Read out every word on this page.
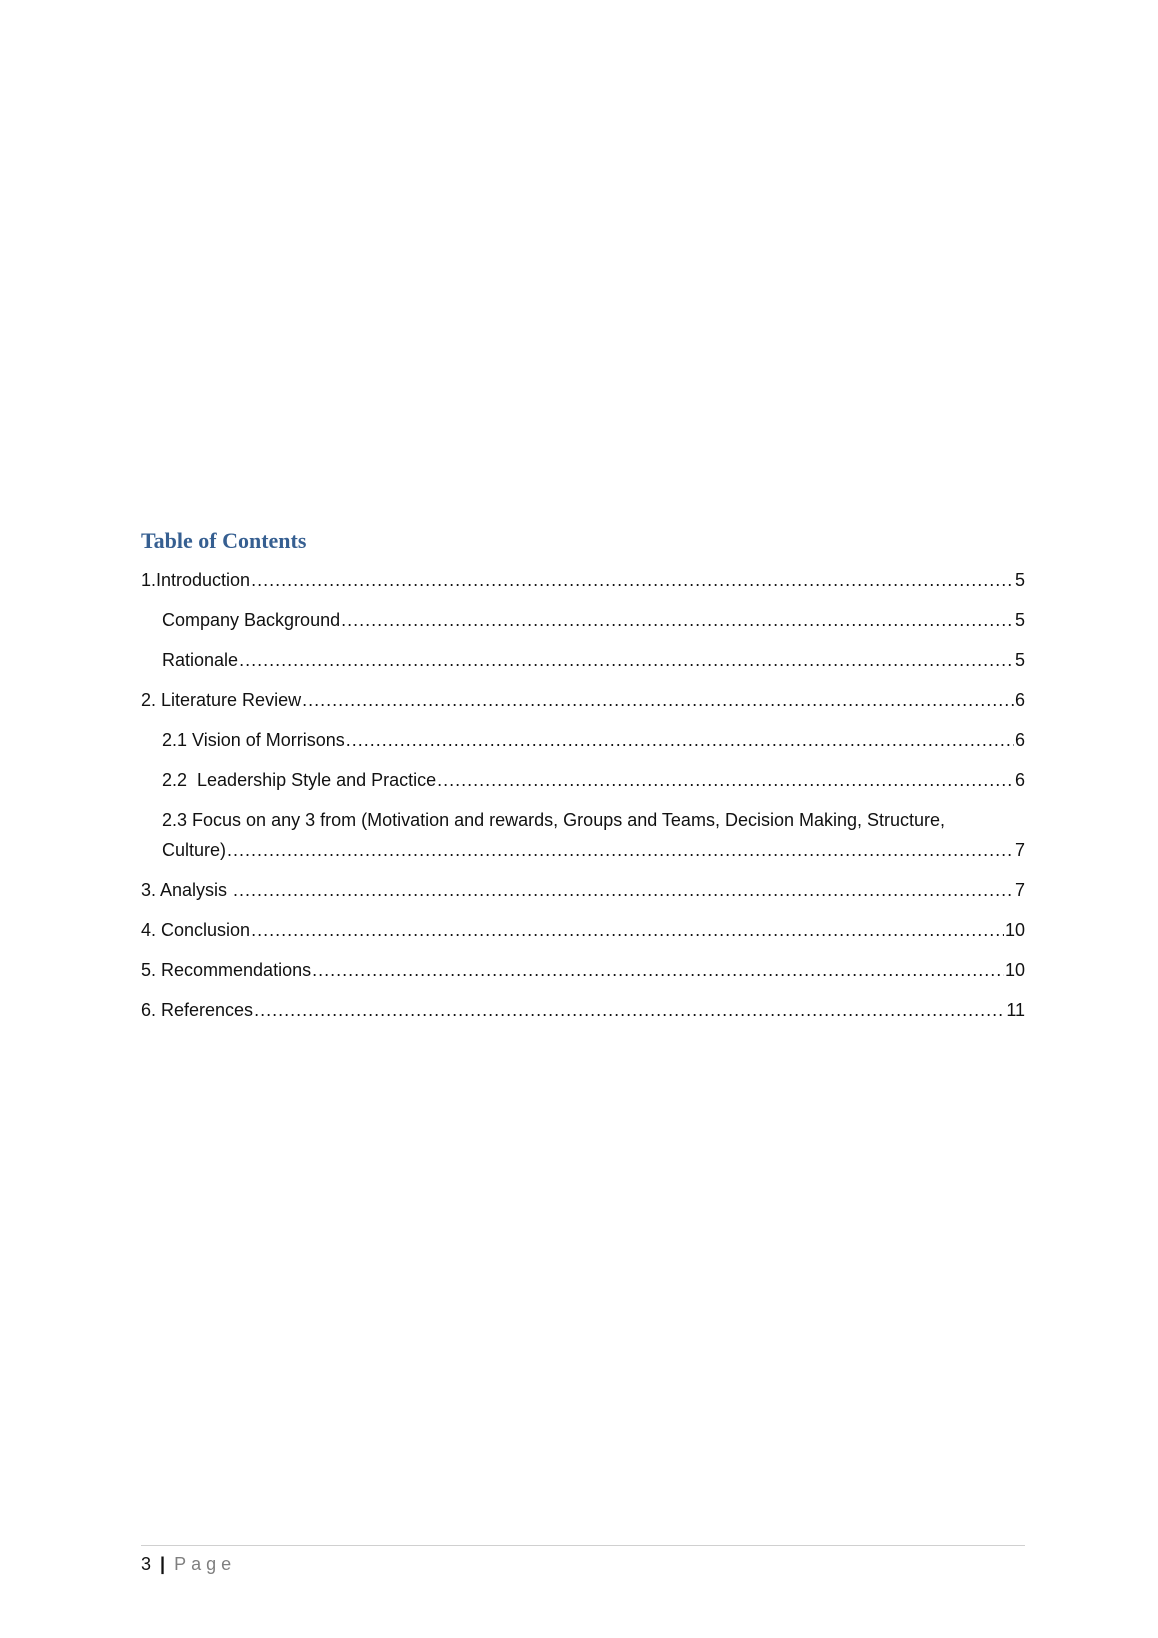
Table of Contents
1.Introduction .....	5
Company Background .....	5
Rationale .....	5
2. Literature Review .....	6
2.1 Vision of Morrisons .....	6
2.2  Leadership Style and Practice .....	6
2.3 Focus on any 3 from (Motivation and rewards, Groups and Teams, Decision Making, Structure,
Culture) .....	7
3. Analysis .....	7
4. Conclusion .....	10
5. Recommendations .....	10
6. References .....	11
3 | Page
